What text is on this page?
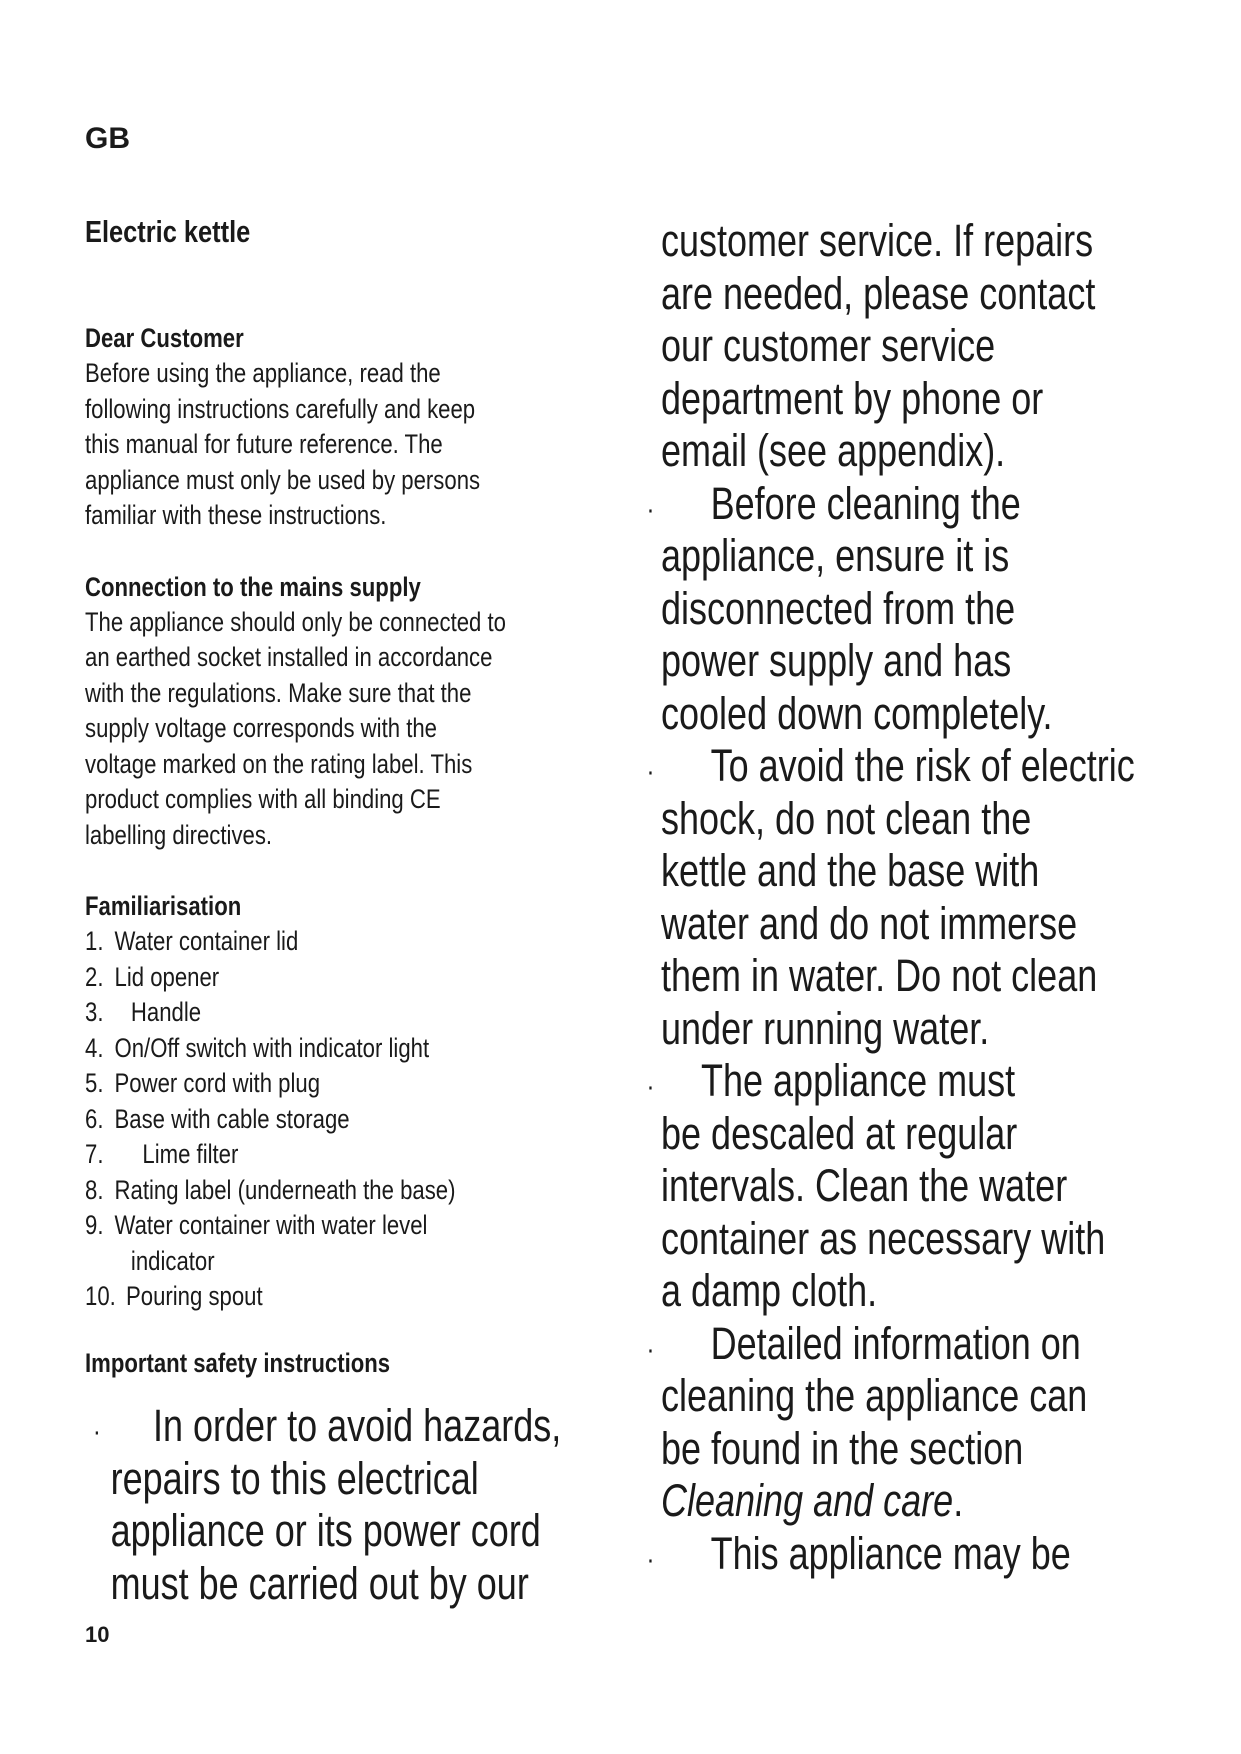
GB
Electric kettle
Dear Customer
Before using the appliance, read the
following instructions carefully and keep
this manual for future reference. The
appliance must only be used by persons
familiar with these instructions.
Connection to the mains supply
The appliance should only be connected to
an earthed socket installed in accordance
with the regulations. Make sure that the
supply voltage corresponds with the
voltage marked on the rating label. This
product complies with all binding CE
labelling directives.
Familiarisation
1. Water container lid
2. Lid opener
3.	Handle
4. On/Off switch with indicator light
5. Power cord with plug
6. Base with cable storage
7.	Lime filter
8. Rating label (underneath the base)
9. Water container with water level
indicator
10. Pouring spout
Important safety instructions
· In order to avoid hazards,
repairs to this electrical
appliance or its power cord
must be carried out by our
customer service. If repairs
are needed, please contact
our customer service
department by phone or
email (see appendix).
· Before cleaning the
appliance, ensure it is
disconnected from the
power supply and has
cooled down completely.
· To avoid the risk of electric
shock, do not clean the
kettle and the base with
water and do not immerse
them in water. Do not clean
under running water.
· The appliance must
be descaled at regular
intervals. Clean the water
container as necessary with
a damp cloth.
· Detailed information on
cleaning the appliance can
be found in the section
Cleaning and care.
· This appliance may be
10
